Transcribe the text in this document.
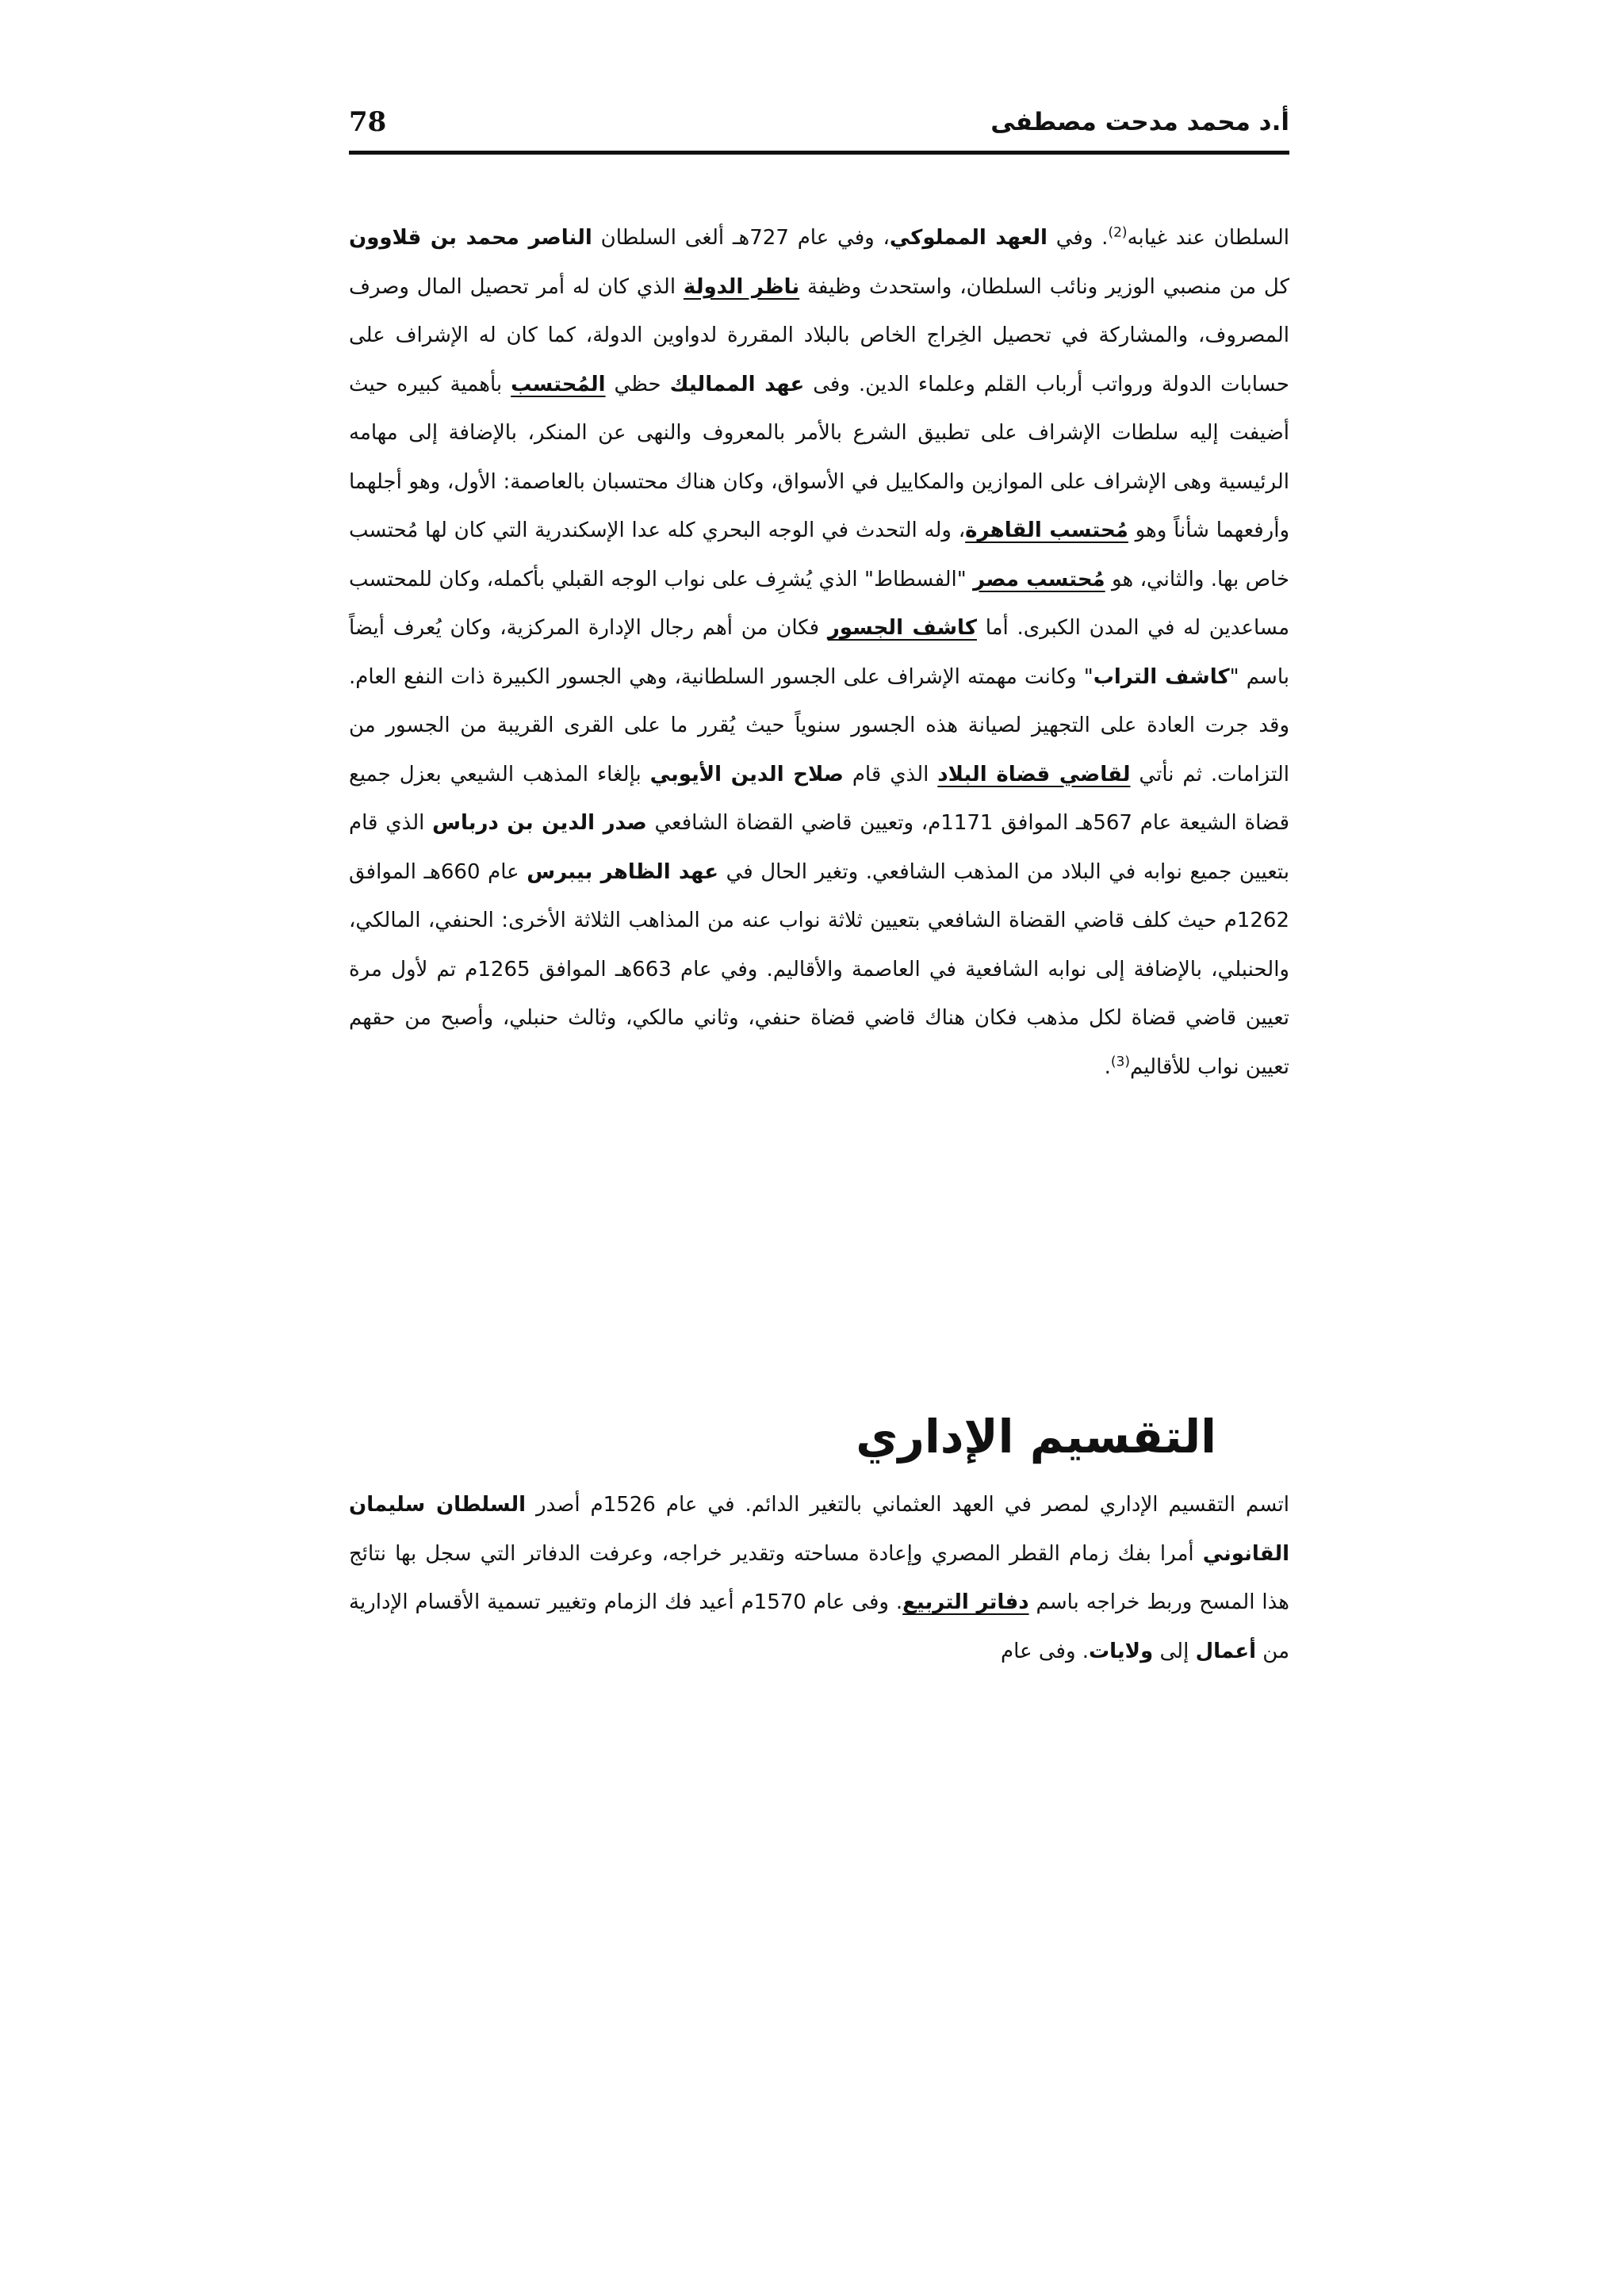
أ.د محمد مدحت مصطفى
78

السلطان عند غيابه$^{(2)}$. وفي العهد المملوكي، وفي عام 727هـ ألغى السلطان الناصر محمد بن قلاوون كل من منصبي الوزير ونائب السلطان، واستحدث وظيفة ناظر الدولة الذي كان له أمر تحصيل المال وصرف المصروف، والمشاركة في تحصيل الخِراج الخاص بالبلاد المقررة لدواوين الدولة، كما كان له الإشراف على حسابات الدولة ورواتب أرباب القلم وعلماء الدين. وفى عهد المماليك حظي المُحتسب بأهمية كبيره حيث أضيفت إليه سلطات الإشراف على تطبيق الشرع بالأمر بالمعروف والنهى عن المنكر، بالإضافة إلى مهامه الرئيسية وهى الإشراف على الموازين والمكاييل في الأسواق، وكان هناك محتسبان بالعاصمة: الأول، وهو أجلهما وأرفعهما شأناً وهو مُحتسب القاهرة، وله التحدث في الوجه البحري كله عدا الإسكندرية التي كان لها مُحتسب خاص بها. والثاني، هو مُحتسب مصر "الفسطاط" الذي يُشرِف على نواب الوجه القبلي بأكمله، وكان للمحتسب مساعدين له في المدن الكبرى. أما كاشف الجسور فكان من أهم رجال الإدارة المركزية، وكان يُعرف أيضاً باسم "كاشف التراب" وكانت مهمته الإشراف على الجسور السلطانية، وهي الجسور الكبيرة ذات النفع العام. وقد جرت العادة على التجهيز لصيانة هذه الجسور سنوياً حيث يُقرر ما على القرى القريبة من الجسور من التزامات. ثم نأتي لقاضي قضاة البلاد الذي قام صلاح الدين الأيوبي بإلغاء المذهب الشيعي بعزل جميع قضاة الشيعة عام 567هـ الموافق 1171م، وتعيين قاضي القضاة الشافعي صدر الدين بن درباس الذي قام بتعيين جميع نوابه في البلاد من المذهب الشافعي. وتغير الحال في عهد الظاهر بيبرس عام 660هـ الموافق 1262م حيث كلف قاضي القضاة الشافعي بتعيين ثلاثة نواب عنه من المذاهب الثلاثة الأخرى: الحنفي، المالكي، والحنبلي، بالإضافة إلى نوابه الشافعية في العاصمة والأقاليم. وفي عام 663هـ الموافق 1265م تم لأول مرة تعيين قاضي قضاة لكل مذهب فكان هناك قاضي قضاة حنفي، وثاني مالكي، وثالث حنبلي، وأصبح من حقهم تعيين نواب للأقاليم$^{(3)}$.

التقسيم الإداري

اتسم التقسيم الإداري لمصر في العهد العثماني بالتغير الدائم. في عام 1526م أصدر السلطان سليمان القانوني أمرا بفك زمام القطر المصري وإعادة مساحته وتقدير خراجه، وعرفت الدفاتر التي سجل بها نتائج هذا المسح وربط خراجه باسم دفاتر التربيع. وفى عام 1570م أعيد فك الزمام وتغيير تسمية الأقسام الإدارية من أعمال إلى ولايات. وفى عام
